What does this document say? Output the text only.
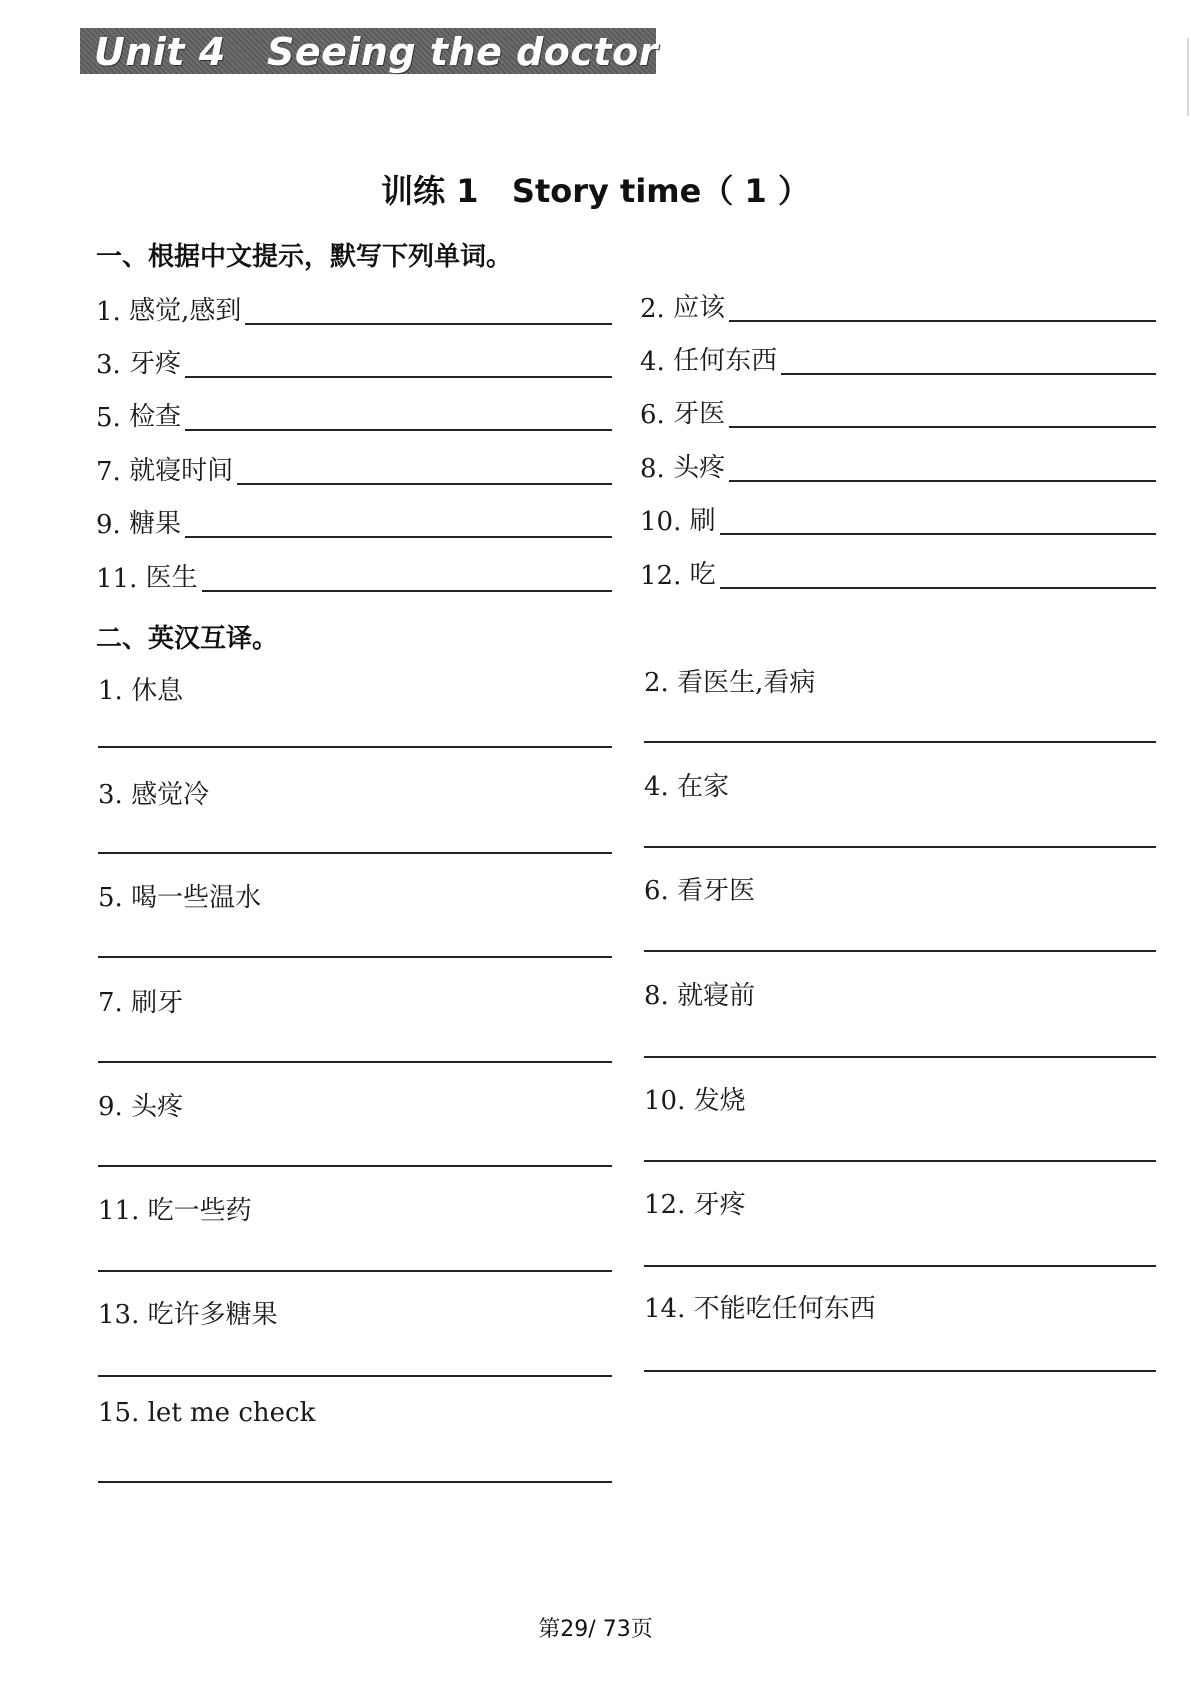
Unit 4   Seeing the doctor
训练 1   Story time（ 1 ）
一、根据中文提示，默写下列单词。
1. 感觉,感到	2. 应该
3. 牙疼	4. 任何东西
5. 检查	6. 牙医
7. 就寝时间	8. 头疼
9. 糖果	10. 刷
11. 医生	12. 吃
二、英汉互译。
1. 休息	2. 看医生,看病
3. 感觉冷	4. 在家
5. 喝一些温水	6. 看牙医
7. 刷牙	8. 就寝前
9. 头疼	10. 发烧
11. 吃一些药	12. 牙疼
13. 吃许多糖果	14. 不能吃任何东西
15. let me check
第29/ 73页
